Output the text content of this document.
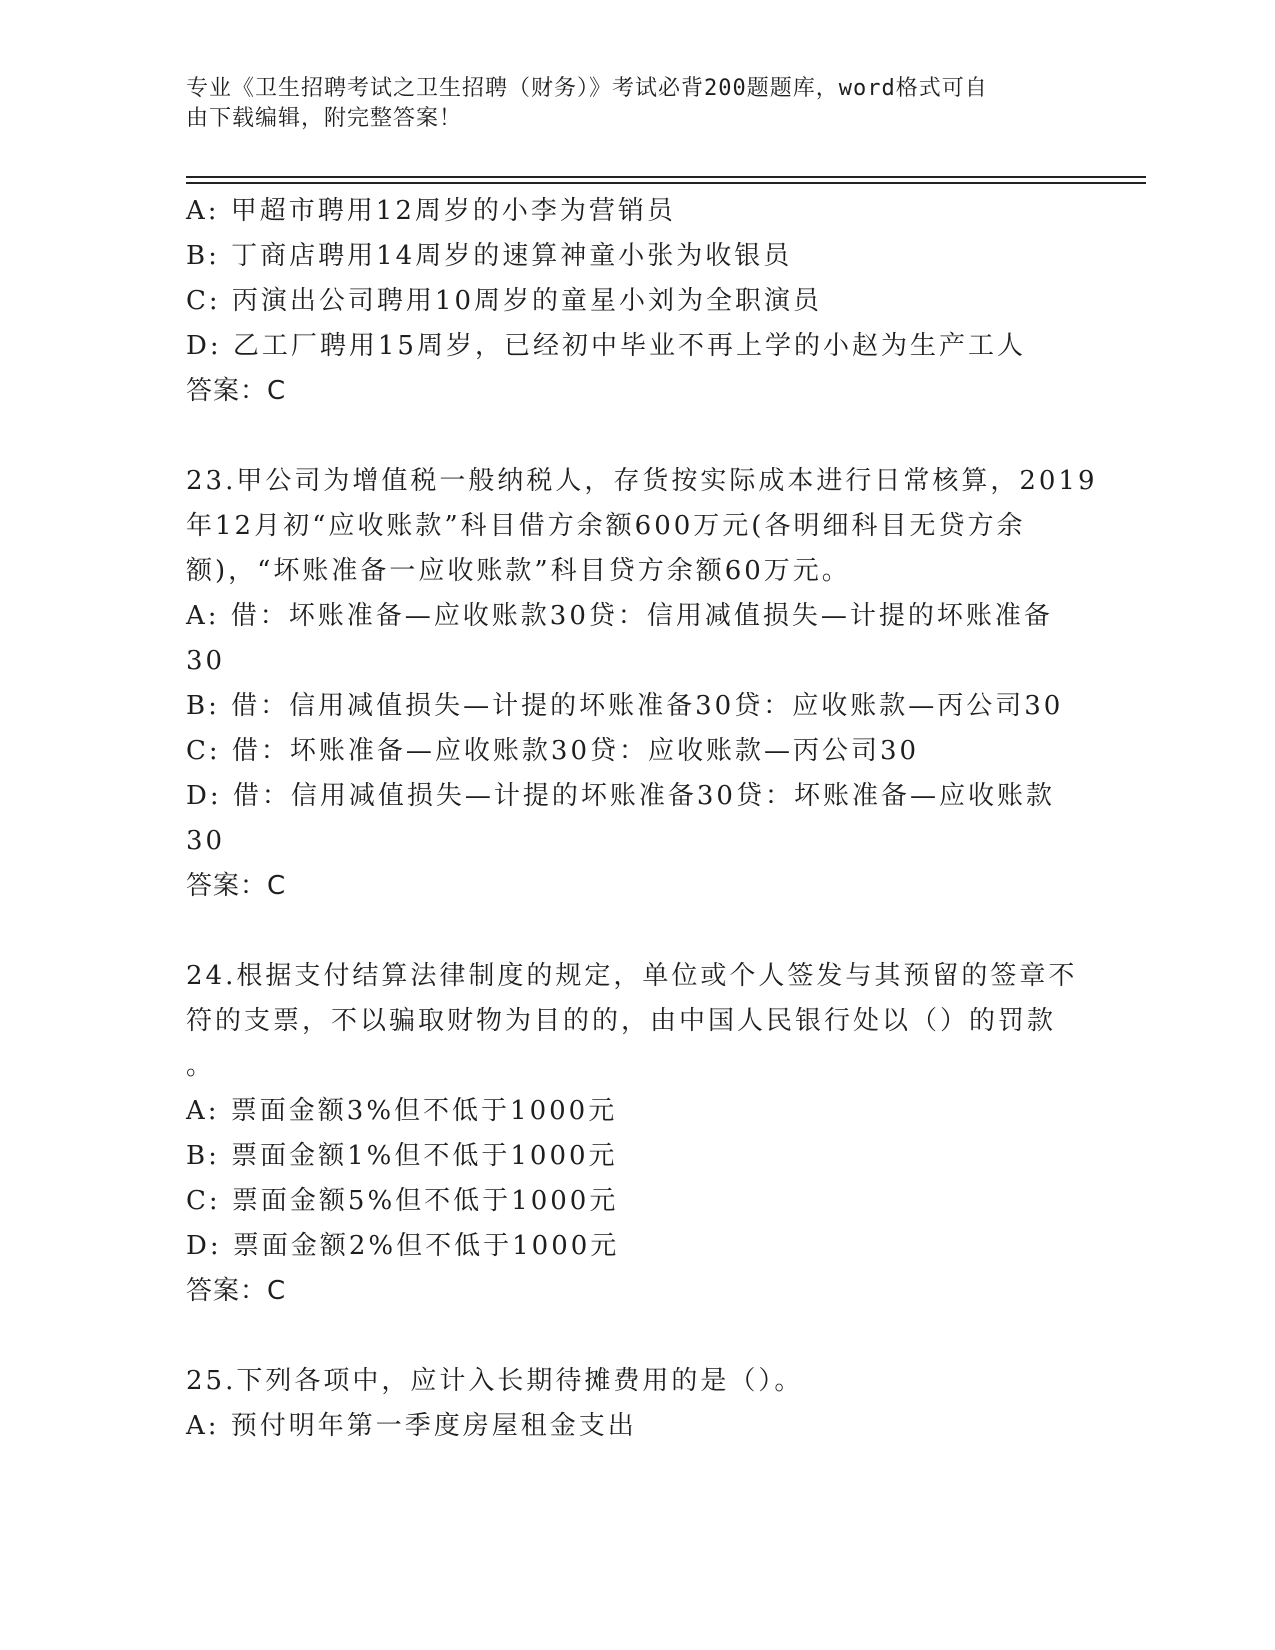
专业《卫生招聘考试之卫生招聘（财务）》考试必背200题题库，word格式可自
由下载编辑，附完整答案！
A: 甲超市聘用12周岁的小李为营销员
B: 丁商店聘用14周岁的速算神童小张为收银员
C: 丙演出公司聘用10周岁的童星小刘为全职演员
D: 乙工厂聘用15周岁，已经初中毕业不再上学的小赵为生产工人
答案：C
23.甲公司为增值税一般纳税人，存货按实际成本进行日常核算，2019
年12月初“应收账款”科目借方余额600万元(各明细科目无贷方余
额)，“坏账准备一应收账款”科目贷方余额60万元。
A: 借：坏账准备—应收账款30贷：信用减值损失—计提的坏账准备
30
B: 借：信用减值损失—计提的坏账准备30贷：应收账款—丙公司30
C: 借：坏账准备—应收账款30贷：应收账款—丙公司30
D: 借：信用减值损失—计提的坏账准备30贷：坏账准备—应收账款
30
答案：C
24.根据支付结算法律制度的规定，单位或个人签发与其预留的签章不
符的支票，不以骗取财物为目的的，由中国人民银行处以（）的罚款
。
A: 票面金额3%但不低于1000元
B: 票面金额1%但不低于1000元
C: 票面金额5%但不低于1000元
D: 票面金额2%但不低于1000元
答案：C
25.下列各项中，应计入长期待摊费用的是（）。
A: 预付明年第一季度房屋租金支出
